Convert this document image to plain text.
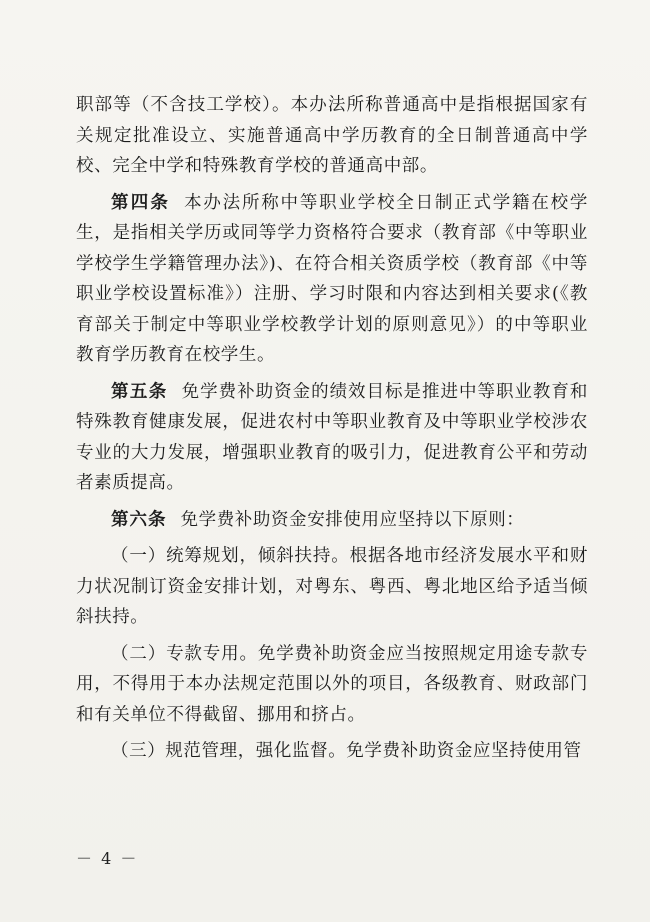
职部等（不含技工学校）。本办法所称普通高中是指根据国家有关规定批准设立、实施普通高中学历教育的全日制普通高中学校、完全中学和特殊教育学校的普通高中部。

第四条 本办法所称中等职业学校全日制正式学籍在校学生，是指相关学历或同等学力资格符合要求（教育部《中等职业学校学生学籍管理办法》)、在符合相关资质学校（教育部《中等职业学校设置标准》）注册、学习时限和内容达到相关要求(《教育部关于制定中等职业学校教学计划的原则意见》）的中等职业教育学历教育在校学生。

第五条 免学费补助资金的绩效目标是推进中等职业教育和特殊教育健康发展，促进农村中等职业教育及中等职业学校涉农专业的大力发展，增强职业教育的吸引力，促进教育公平和劳动者素质提高。

第六条 免学费补助资金安排使用应坚持以下原则：

（一）统筹规划，倾斜扶持。根据各地市经济发展水平和财力状况制订资金安排计划，对粤东、粤西、粤北地区给予适当倾斜扶持。

（二）专款专用。免学费补助资金应当按照规定用途专款专用，不得用于本办法规定范围以外的项目，各级教育、财政部门和有关单位不得截留、挪用和挤占。

（三）规范管理，强化监督。免学费补助资金应坚持使用管

－ 4 －
